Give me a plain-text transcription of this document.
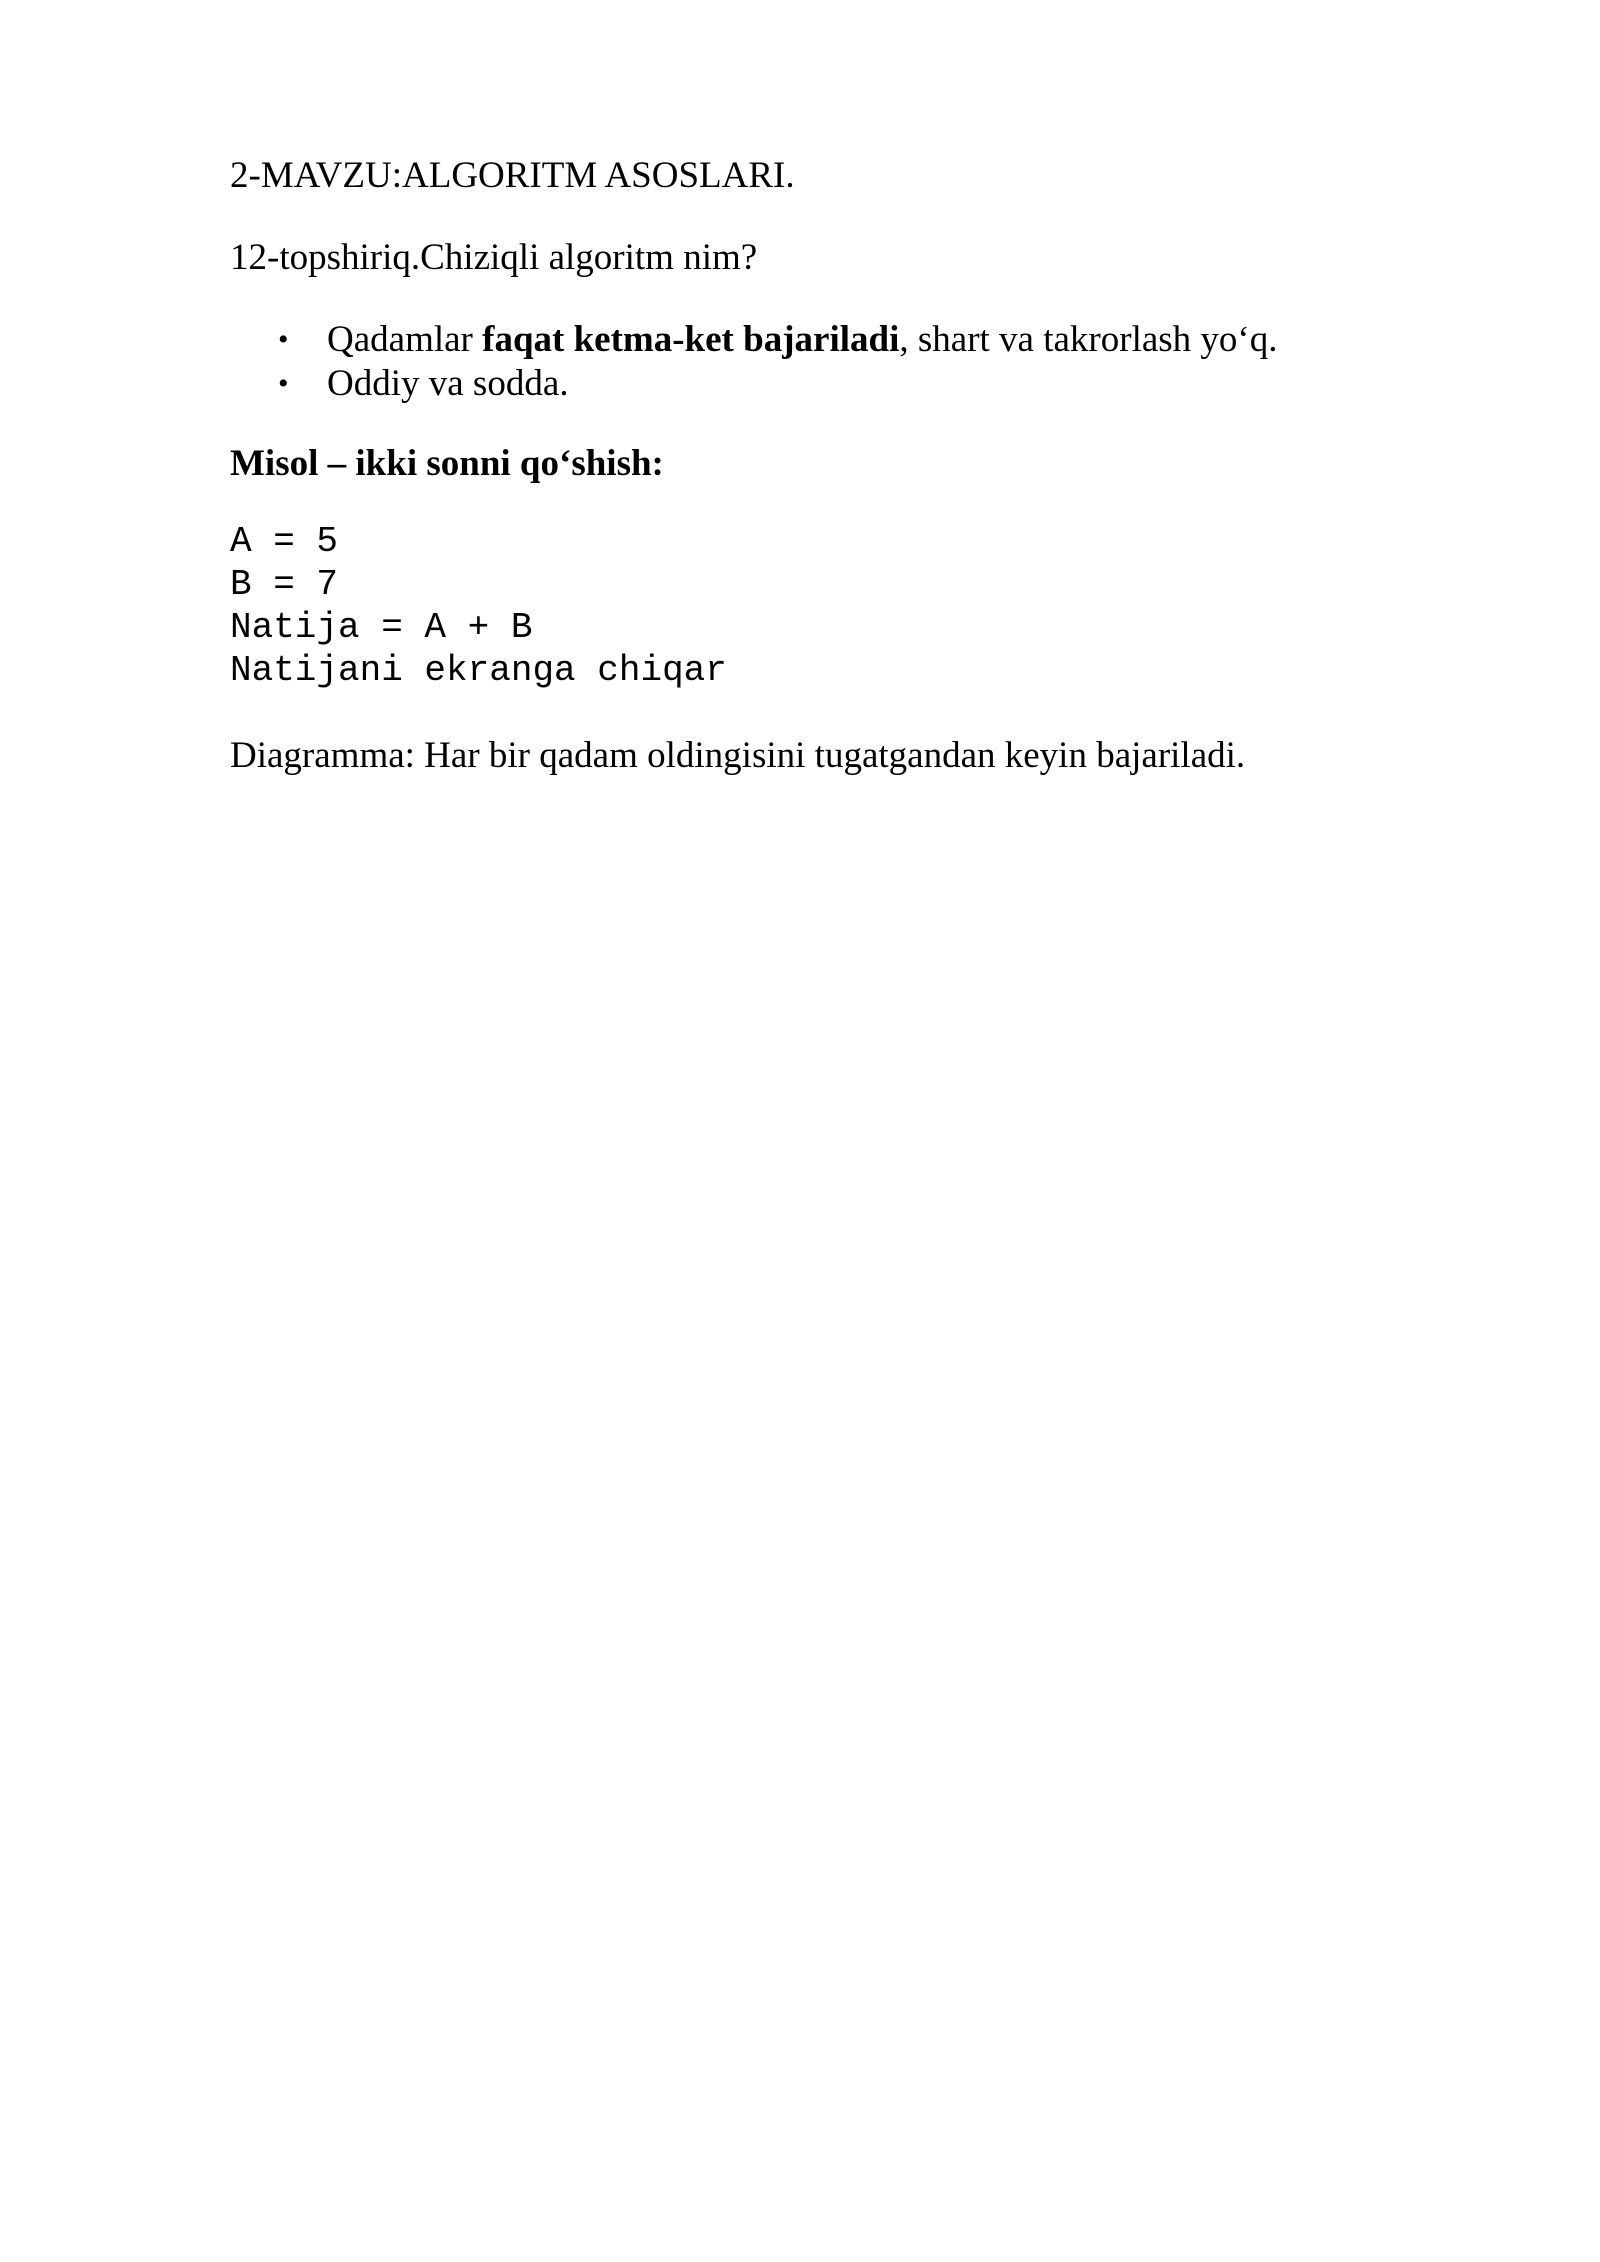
2-MAVZU:ALGORITM ASOSLARI.
12-topshiriq.Chiziqli algoritm nim?
• Qadamlar faqat ketma-ket bajariladi, shart va takrorlash yo‘q.
• Oddiy va sodda.
Misol – ikki sonni qo‘shish:
A = 5
B = 7
Natija = A + B
Natijani ekranga chiqar
Diagramma: Har bir qadam oldingisini tugatgandan keyin bajariladi.
